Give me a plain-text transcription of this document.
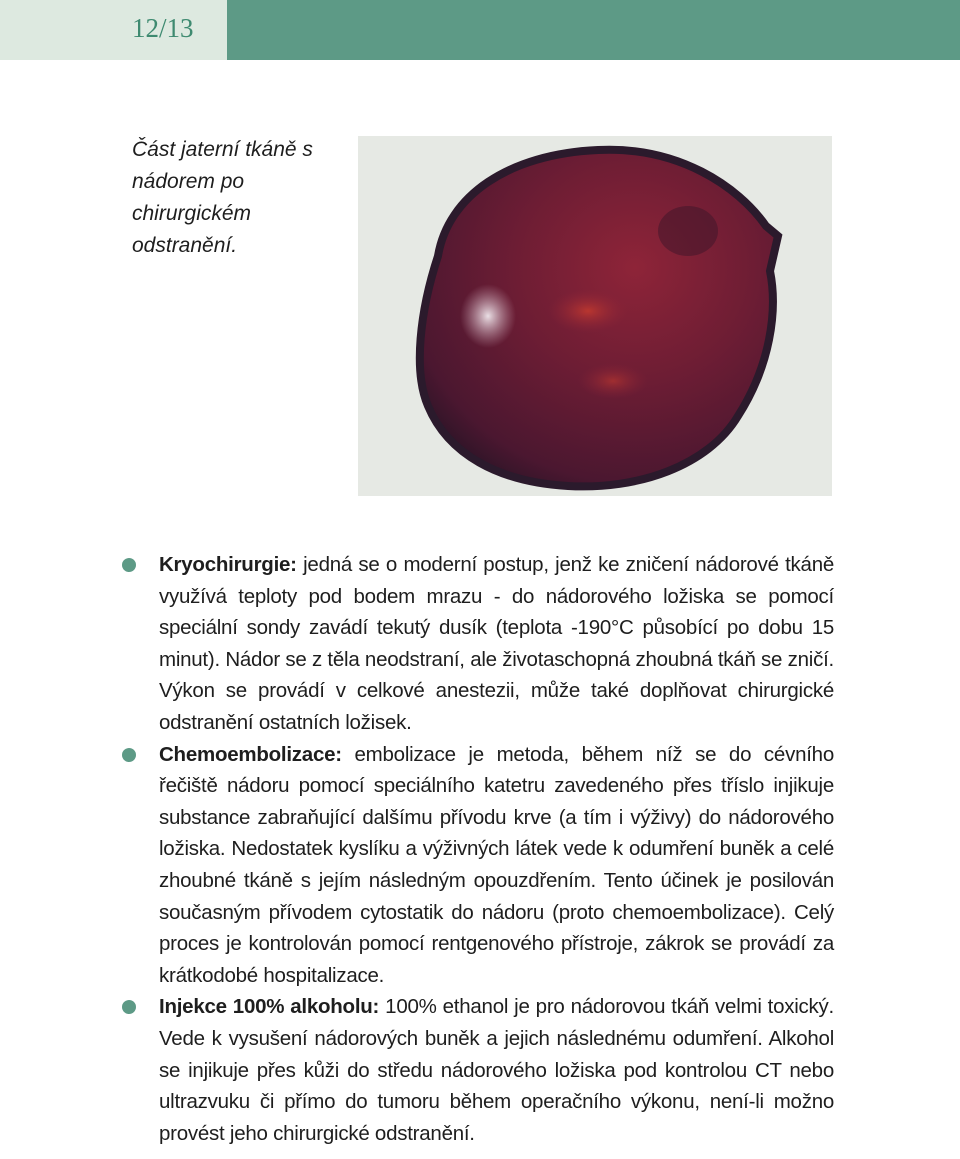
12/13

Část jaterní tkáně s nádorem po chirurgickém odstranění.

Kryochirurgie: jedná se o moderní postup, jenž ke zničení nádorové tkáně využívá teploty pod bodem mrazu - do nádorového ložiska se pomocí speciální sondy zavádí tekutý dusík (teplota -190°C působící po dobu 15 minut). Nádor se z těla neodstraní, ale životaschopná zhoubná tkáň se zničí. Výkon se provádí v celkové anestezii, může také doplňovat chirurgické odstranění ostatních ložisek.
Chemoembolizace: embolizace je metoda, během níž se do cévního řečiště nádoru pomocí speciálního katetru zavedeného přes tříslo injikuje substance zabraňující dalšímu přívodu krve (a tím i výživy) do nádorového ložiska. Nedostatek kyslíku a výživných látek vede k odumření buněk a celé zhoubné tkáně s jejím následným opouzdřením. Tento účinek je posilován současným přívodem cytostatik do nádoru (proto chemoembolizace). Celý proces je kontrolován pomocí rentgenového přístroje, zákrok se provádí za krátkodobé hospitalizace.
Injekce 100% alkoholu: 100% ethanol je pro nádorovou tkáň velmi toxický. Vede k vysušení nádorových buněk a jejich následnému odumření. Alkohol se injikuje přes kůži do středu nádorového ložiska pod kontrolou CT nebo ultrazvuku či přímo do tumoru během operačního výkonu, není-li možno provést jeho chirurgické odstranění.
